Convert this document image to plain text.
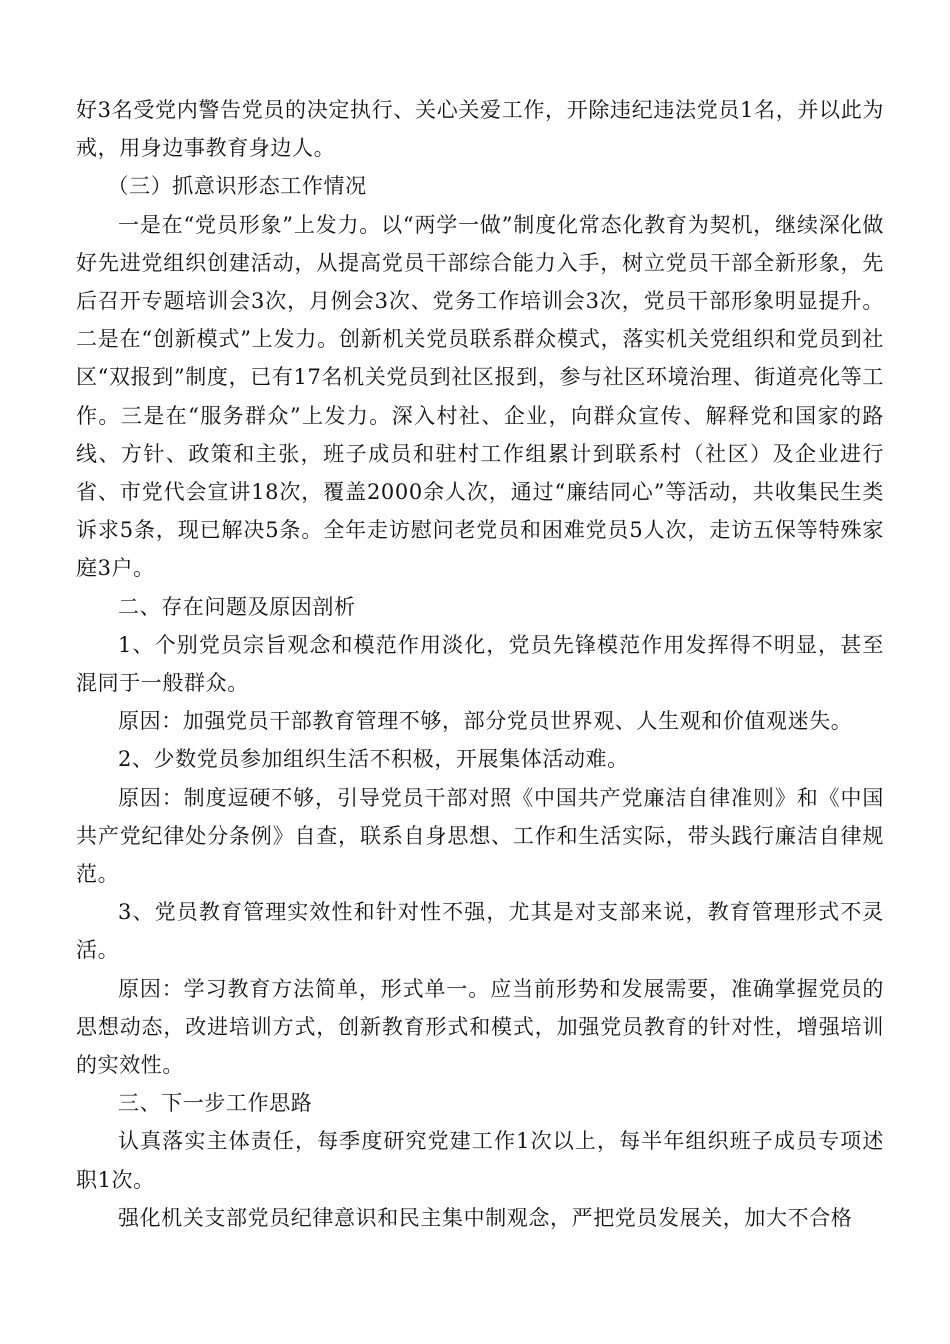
好3名受党内警告党员的决定执行、关心关爱工作，开除违纪违法党员1名，并以此为戒，用身边事教育身边人。

（三）抓意识形态工作情况

一是在“党员形象”上发力。以“两学一做”制度化常态化教育为契机，继续深化做好先进党组织创建活动，从提高党员干部综合能力入手，树立党员干部全新形象，先后召开专题培训会3次，月例会3次、党务工作培训会3次，党员干部形象明显提升。二是在“创新模式”上发力。创新机关党员联系群众模式，落实机关党组织和党员到社区“双报到”制度，已有17名机关党员到社区报到，参与社区环境治理、街道亮化等工作。三是在“服务群众”上发力。深入村社、企业，向群众宣传、解释党和国家的路线、方针、政策和主张，班子成员和驻村工作组累计到联系村（社区）及企业进行省、市党代会宣讲18次，覆盖2000余人次，通过“廉结同心”等活动，共收集民生类诉求5条，现已解决5条。全年走访慰问老党员和困难党员5人次，走访五保等特殊家庭3户。

二、存在问题及原因剖析

1、个别党员宗旨观念和模范作用淡化，党员先锋模范作用发挥得不明显，甚至混同于一般群众。

原因：加强党员干部教育管理不够，部分党员世界观、人生观和价值观迷失。

2、少数党员参加组织生活不积极，开展集体活动难。

原因：制度逗硬不够，引导党员干部对照《中国共产党廉洁自律准则》和《中国共产党纪律处分条例》自查，联系自身思想、工作和生活实际，带头践行廉洁自律规范。

3、党员教育管理实效性和针对性不强，尤其是对支部来说，教育管理形式不灵活。

原因：学习教育方法简单，形式单一。应当前形势和发展需要，准确掌握党员的思想动态，改进培训方式，创新教育形式和模式，加强党员教育的针对性，增强培训的实效性。

三、下一步工作思路

认真落实主体责任，每季度研究党建工作1次以上，每半年组织班子成员专项述职1次。

强化机关支部党员纪律意识和民主集中制观念，严把党员发展关，加大不合格
